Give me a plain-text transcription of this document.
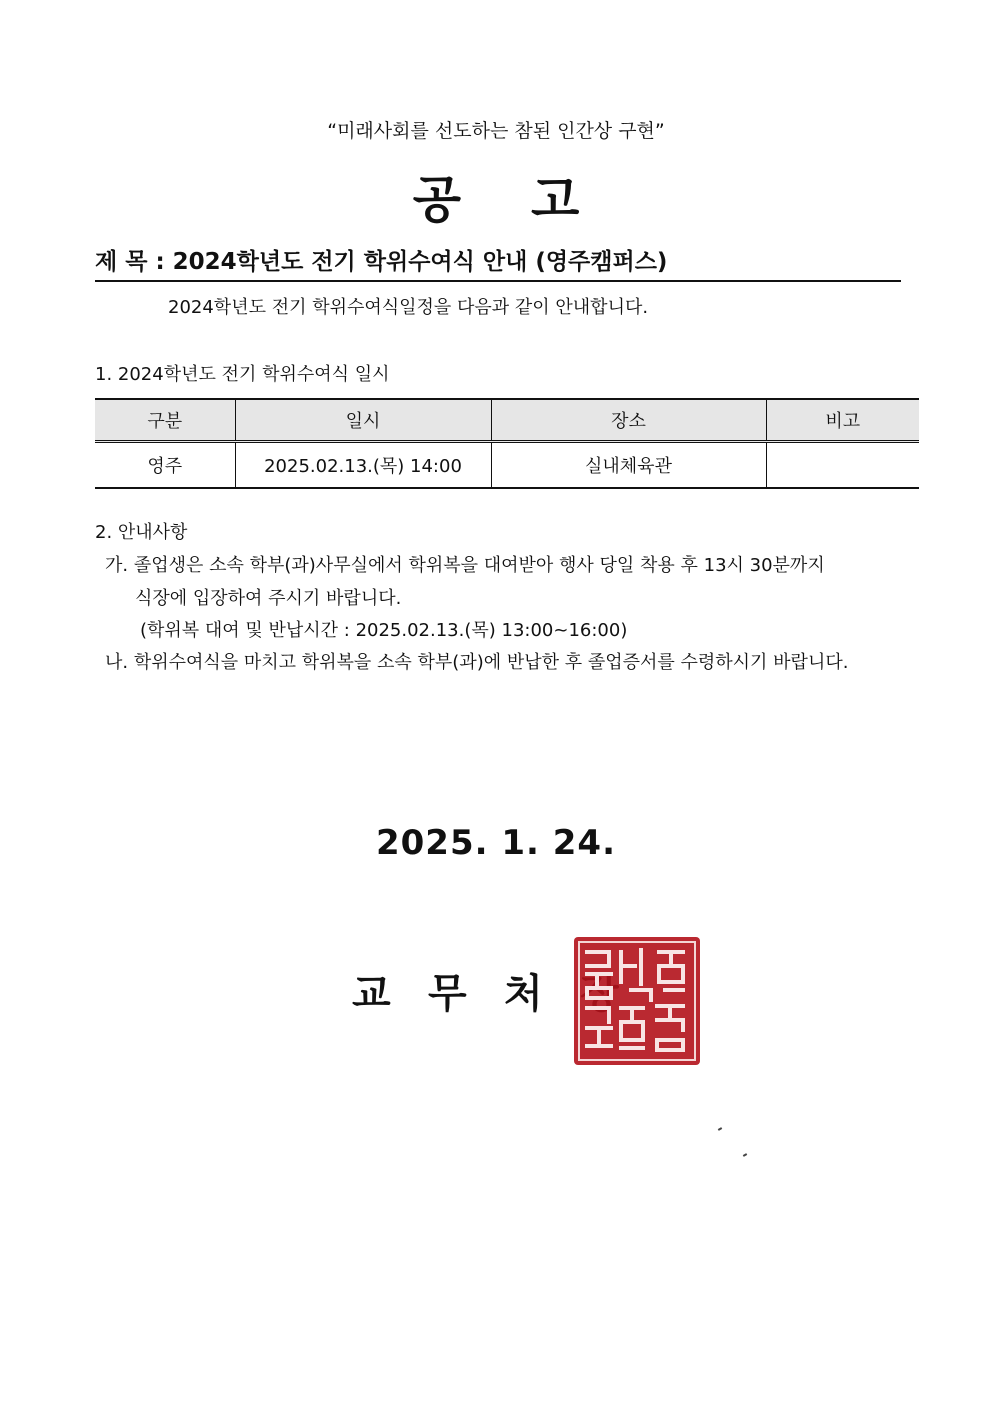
“미래사회를 선도하는 참된 인간상 구현”
공 고
제 목 : 2024학년도 전기 학위수여식 안내 (영주캠퍼스)
2024학년도 전기 학위수여식일정을 다음과 같이 안내합니다.
1. 2024학년도 전기 학위수여식 일시
구분	일시	장소	비고
영주	2025.02.13.(목) 14:00	실내체육관	
2. 안내사항
가. 졸업생은 소속 학부(과)사무실에서 학위복을 대여받아 행사 당일 착용 후 13시 30분까지
식장에 입장하여 주시기 바랍니다.
(학위복 대여 및 반납시간 : 2025.02.13.(목) 13:00~16:00)
나. 학위수여식을 마치고 학위복을 소속 학부(과)에 반납한 후 졸업증서를 수령하시기 바랍니다.
2025. 1. 24.
교 무 처
